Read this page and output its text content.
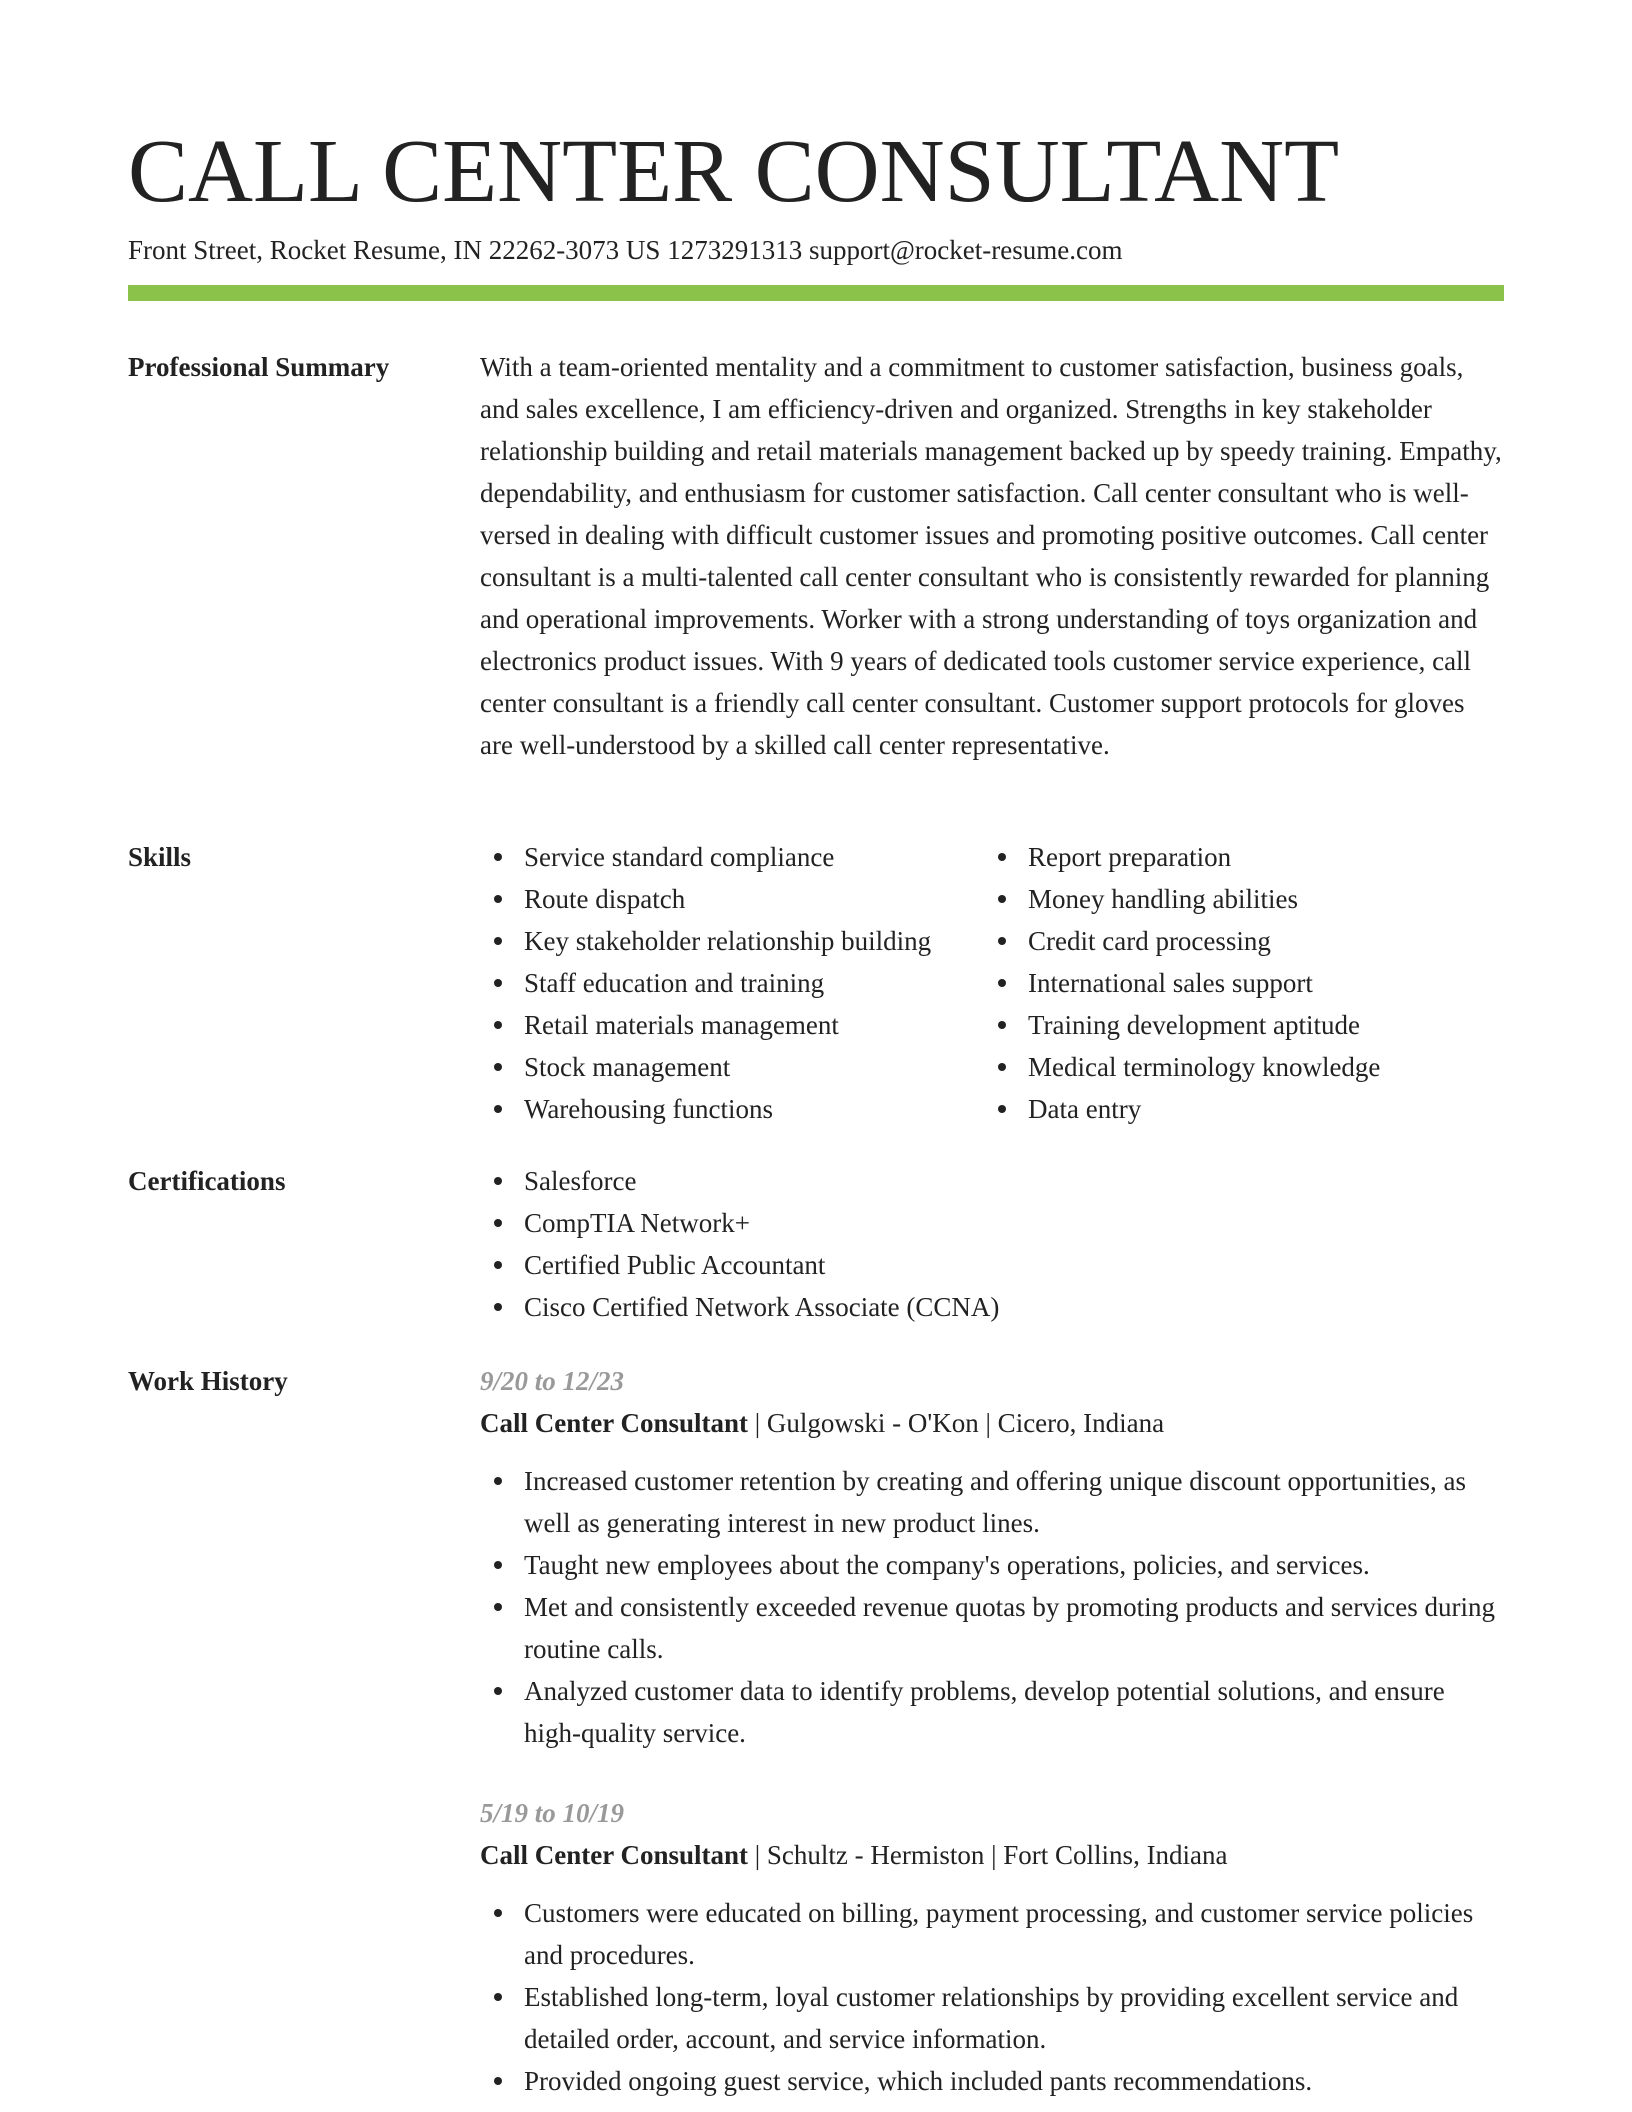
CALL CENTER CONSULTANT
Front Street, Rocket Resume, IN 22262-3073 US 1273291313 support@rocket-resume.com
Professional Summary	With a team-oriented mentality and a commitment to customer satisfaction, business goals, and sales excellence, I am efficiency-driven and organized. Strengths in key stakeholder relationship building and retail materials management backed up by speedy training. Empathy, dependability, and enthusiasm for customer satisfaction. Call center consultant who is well-versed in dealing with difficult customer issues and promoting positive outcomes. Call center consultant is a multi-talented call center consultant who is consistently rewarded for planning and operational improvements. Worker with a strong understanding of toys organization and electronics product issues. With 9 years of dedicated tools customer service experience, call center consultant is a friendly call center consultant. Customer support protocols for gloves are well-understood by a skilled call center representative.

Skills	Service standard compliance
Route dispatch
Key stakeholder relationship building
Staff education and training
Retail materials management
Stock management
Warehousing functions
Report preparation
Money handling abilities
Credit card processing
International sales support
Training development aptitude
Medical terminology knowledge
Data entry
Certifications	Salesforce
CompTIA Network+
Certified Public Accountant
Cisco Certified Network Associate (CCNA)
Work History	9/20 to 12/23
Call Center Consultant | Gulgowski - O'Kon | Cicero, Indiana
Increased customer retention by creating and offering unique discount opportunities, as well as generating interest in new product lines.
Taught new employees about the company's operations, policies, and services.
Met and consistently exceeded revenue quotas by promoting products and services during routine calls.
Analyzed customer data to identify problems, develop potential solutions, and ensure high-quality service.
5/19 to 10/19
Call Center Consultant | Schultz - Hermiston | Fort Collins, Indiana
Customers were educated on billing, payment processing, and customer service policies and procedures.
Established long-term, loyal customer relationships by providing excellent service and detailed order, account, and service information.
Provided ongoing guest service, which included pants recommendations.
